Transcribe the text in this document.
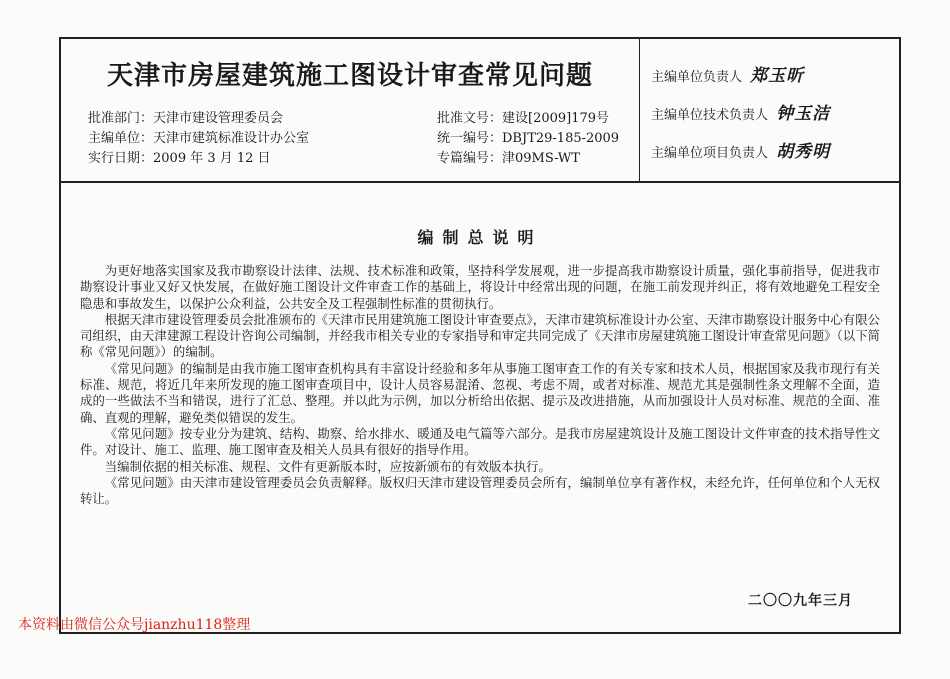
天津市房屋建筑施工图设计审查常见问题
批准部门：天津市建设管理委员会
主编单位：天津市建筑标准设计办公室
实行日期：2009 年 3 月 12 日
批准文号：建设[2009]179号
统一编号：DBJT29-185-2009
专篇编号：津09MS-WT
主编单位负责人 郑玉昕
主编单位技术负责人 钟玉洁
主编单位项目负责人 胡秀明
编制总说明

为更好地落实国家及我市勘察设计法律、法规、技术标准和政策，坚持科学发展观，进一步提高我市勘察设计质量，强化事前指导，促进我市勘察设计事业又好又快发展，在做好施工图设计文件审查工作的基础上，将设计中经常出现的问题，在施工前发现并纠正，将有效地避免工程安全隐患和事故发生，以保护公众利益，公共安全及工程强制性标准的贯彻执行。

根据天津市建设管理委员会批准颁布的《天津市民用建筑施工图设计审查要点》，天津市建筑标准设计办公室、天津市勘察设计服务中心有限公司组织，由天津建源工程设计咨询公司编制，并经我市相关专业的专家指导和审定共同完成了《天津市房屋建筑施工图设计审查常见问题》（以下简称《常见问题》）的编制。

《常见问题》的编制是由我市施工图审查机构具有丰富设计经验和多年从事施工图审查工作的有关专家和技术人员，根据国家及我市现行有关标准、规范，将近几年来所发现的施工图审查项目中，设计人员容易混淆、忽视、考虑不周，或者对标准、规范尤其是强制性条文理解不全面，造成的一些做法不当和错误，进行了汇总、整理。并以此为示例，加以分析给出依据、提示及改进措施，从而加强设计人员对标准、规范的全面、准确、直观的理解，避免类似错误的发生。

《常见问题》按专业分为建筑、结构、勘察、给水排水、暖通及电气篇等六部分。是我市房屋建筑设计及施工图设计文件审查的技术指导性文件。对设计、施工、监理、施工图审查及相关人员具有很好的指导作用。

当编制依据的相关标准、规程、文件有更新版本时，应按新颁布的有效版本执行。

《常见问题》由天津市建设管理委员会负责解释。版权归天津市建设管理委员会所有，编制单位享有著作权，未经允许，任何单位和个人无权转让。

二〇〇九年三月
本资料由微信公众号jianzhu118整理
